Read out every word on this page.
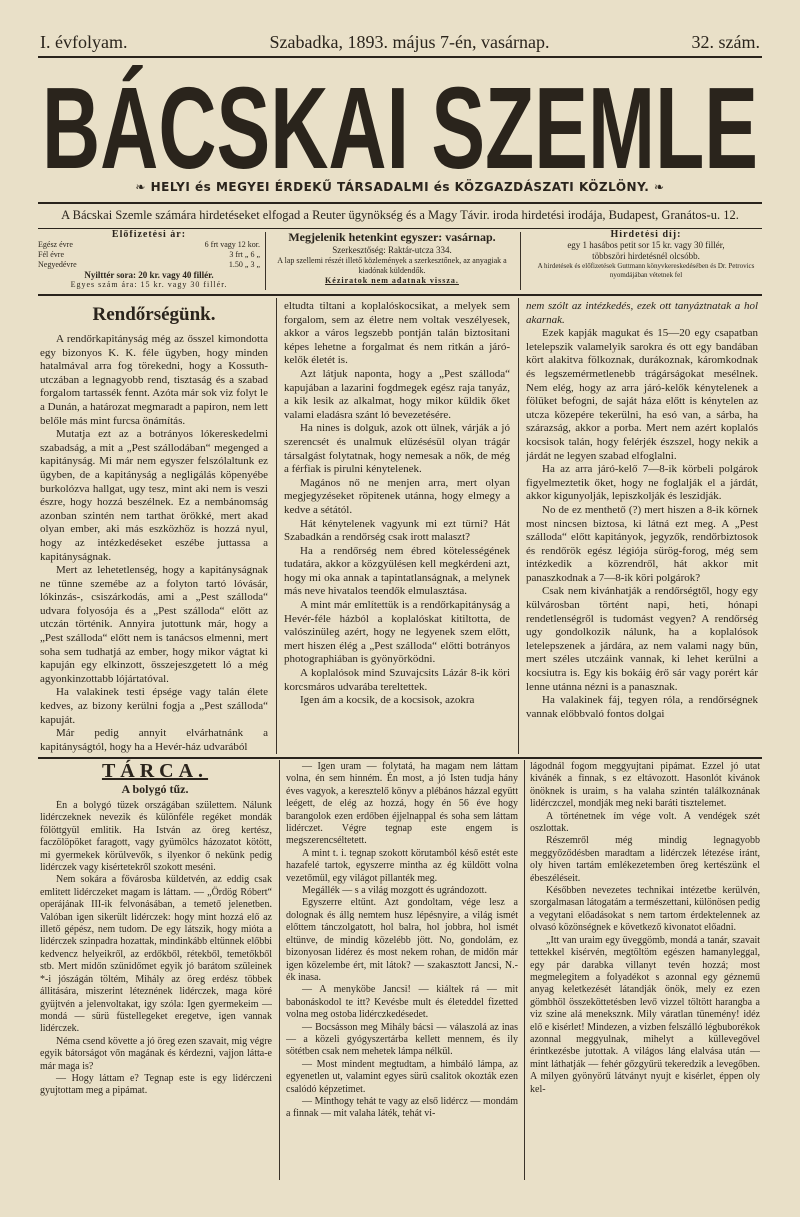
I. évfolyam.	Szabadka, 1893. május 7-én, vasárnap.	32. szám.
BÁCSKAI SZEMLE
❧ HELYI és MEGYEI ÉRDEKŰ TÁRSADALMI és KÖZGAZDÁSZATI KÖZLÖNY. ❧
A Bácskai Szemle számára hirdetéseket elfogad a Reuter ügynökség és a Magy Távir. iroda hirdetési irodája, Budapest, Granátos-u. 12.
Előfizetési ár:
Egész évre	6 frt vagy 12 kor.
Fél évre	3 frt „ 6 „
Negyedévre	1.50 „ 3 „
Nyilttér sora: 20 kr. vagy 40 fillér.
Egyes szám ára: 15 kr. vagy 30 fillér.
Megjelenik hetenkint egyszer: vasárnap.
Szerkesztőség: Raktár-utcza 334.
A lap szellemi részét illető közlemények a szerkesztőnek, az anyagiak a kiadónak küldendők.
Kéziratok nem adatnak vissza.
Hirdetési díj:
egy 1 hasábos petit sor 15 kr. vagy 30 fillér,
többszöri hirdetésnél olcsóbb.
A hirdetések és előfizetések Guttmann könyvkereskedésében és Dr. Petrovics nyomdájában vétetnek fel
Rendőrségünk.

A rendőrkapitányság még az ősszel kimondotta egy bizonyos K. K. féle ügyben, hogy minden hatalmával arra fog törekedni, hogy a Kossuth-utczában a legnagyobb rend, tisztaság és a szabad forgalom tartassék fennt. Azóta már sok viz folyt le a Dunán, a határozat megmaradt a papiron, nem lett belőle más mint furcsa önámítás.

Mutatja ezt az a botrányos lókereskedelmi szabadság, a mit a „Pest szállodában“ megenged a kapitányság. Mi már nem egyszer felszólaltunk ez ügyben, de a kapitányság a negligálás köpenyébe burkolózva hallgat, ugy tesz, mint aki nem is veszi észre, hogy hozzá beszélnek. Ez a nembánomság azonban szintén nem tarthat örökké, mert akad olyan ember, aki más eszközhöz is hozzá nyul, hogy az intézkedéseket eszébe juttassa a kapitányságnak.

Mert az lehetetlenség, hogy a kapitányságnak ne tűnne szemébe az a folyton tartó lóvásár, lókinzás-, csiszárkodás, ami a „Pest szálloda“ udvara folyosója és a „Pest szálloda“ előtt az utczán történik. Annyira jutottunk már, hogy a „Pest szálloda“ előtt nem is tanácsos elmenni, mert soha sem tudhatjá az ember, hogy mikor vágtat ki kapuján egy elkinzott, összejeszgetett ló a még agyonkinzottabb lójártatóval.

Ha valakinek testi épsége vagy talán élete kedves, az bizony kerülni fogja a „Pest szálloda“ kapuját.

Már pedig annyit elvárhatnánk a kapitányságtól, hogy ha a Hevér-ház udvarából

eltudta tiltani a koplalóskocsikat, a melyek sem forgalom, sem az életre nem voltak veszélyesek, akkor a város legszebb pontján talán biztositani képes lehetne a forgalmat és nem ritkán a járó-kelők életét is.

Azt látjuk naponta, hogy a „Pest szálloda“ kapujában a lazarini fogdmegek egész raja tanyáz, a kik lesik az alkalmat, hogy mikor küldik őket valami eladásra szánt ló bevezetésére.

Ha nines is dolguk, azok ott ülnek, várják a jó szerencsét és unalmuk elüzésésül olyan trágár társalgást folytatnak, hogy nemesak a nők, de még a férfiak is pirulni kénytelenek.

Magános nő ne menjen arra, mert olyan megjegyzéseket röpitenek utánna, hogy elmegy a kedve a sétától.

Hát kénytelenek vagyunk mi ezt türni? Hát Szabadkán a rendőrség csak irott malaszt?

Ha a rendőrség nem ébred kötelességének tudatára, akkor a közgyülésen kell megkérdeni azt, hogy mi oka annak a tapintatlanságnak, a melynek más neve hivatalos teendők elmulasztása.

A mint már említettük is a rendőrkapitányság a Hevér-féle házból a koplalóskat kitiltotta, de valószinüleg azért, hogy ne legyenek szem előtt, mert hiszen élég a „Pest szálloda“ előtti botrányos photographiában is gyönyörködni.

A koplalósok mind Szuvajcsits Lázár 8-ik köri korcsmáros udvarába tereltettek.

Igen ám a kocsik, de a kocsisok, azokra

nem szólt az intézkedés, ezek ott tanyáztnatak a hol akarnak.

Ezek kapják magukat és 15—20 egy csapatban letelepszik valamelyik sarokra és ott egy bandában kört alakitva fölkoznak, durákoznak, káromkodnak és legszemérmetlenebb trágárságokat mesélnek. Nem elég, hogy az arra járó-kelők kénytelenek a fölüket befogni, de saját háza előtt is kénytelen az utcza közepére tekerülni, ha esó van, a sárba, ha szárazság, akkor a porba. Mert nem azért koplalós kocsisok talán, hogy felérjék észszel, hogy nekik a járdát ne legyen szabad elfoglalni.

Ha az arra járó-kelő 7—8-ik körbeli polgárok figyelmeztetik őket, hogy ne foglalják el a járdát, akkor kigunyolják, lepiszkolják és leszidják.

No de ez menthető (?) mert hiszen a 8-ik körnek most nincsen biztosa, ki látná ezt meg. A „Pest szálloda“ előtt kapitányok, jegyzők, rendőrbiztosok és rendőrök egész légiója sürög-forog, még sem intézkedik a közrendről, hát akkor mit panaszkodnak a 7—8-ik köri polgárok?

Csak nem kivánhatják a rendőrségtől, hogy egy külvárosban történt napi, heti, hónapi rendetlenségről is tudomást vegyen? A rendőrség ugy gondolkozik nálunk, ha a koplalósok letelepszenek a járdára, az nem valami nagy bűn, mert széles utczáink vannak, ki lehet kerülni a kocsiutra is. Egy kis bokáig érő sár vagy porért kár lenne utánna nézni is a panasznak.

Ha valakinek fáj, tegyen róla, a rendőrségnek vannak előbbvaló fontos dolgai

TÁRCA.
A bolygó tűz.

Én a bolygó tüzek országában születtem. Nálunk lidérczeknek nevezik és különféle regéket mondák fölöttgyül emlitik. Ha István az öreg kertész, faczölöpöket faragott, vagy gyümölcs házozatot kötött, mi gyermekek körülvevők, s ilyenkor ő nekünk pedig lidérczek vagy kisértetekről szokott meséni.

Nem sokára a fővárosba küldetvén, az eddig csak emlitett lidérczeket magam is láttam. — „Ördög Róbert“ operájának III-ik felvonásában, a temető jelenetben. Valóban igen sikerült lidérczek: hogy mint hozzá elő az illető gépész, nem tudom. De egy látszik, hogy mióta a lidérczek szinpadra hozattak, mindinkább eltünnek előbbi kedvencz helyeikről, az erdőkből, rétekből, temetőkből stb. Mert midőn szünidőmet egyik jó barátom szüleinek *-i jószágán töltém, Mihály az öreg erdész többek állitására, miszerint léteznének lidérczek, maga köré gyüjtvén a jelenvoltakat, igy szóla: Igen gyermekeim — mondá — sürü füstellegeket eregetve, igen vannak lidérczek.

Néma csend követte a jó öreg ezen szavait, mig végre egyik bátorságot vőn magának és kérdezni, vajjon látta-e már maga is?

— Hogy láttam e? Tegnap este is egy lidérczeni gyujtottam meg a pipámat.

— Igen uram — folytatá, ha magam nem láttam volna, én sem hinném. Én most, a jó Isten tudja hány éves vagyok, a keresztelő könyv a plébános házzal együtt leégett, de elég az hozzá, hogy én 56 éve hogy barangolok ezen erdőben éjjelnappal és soha sem láttam lidérczet. Végre tegnap este engem is megszerencséltetett.

A mint t. i. tegnap szokott körutamból késő estét este hazafelé tartok, egyszerre mintha az ég küldött volna vezetőmül, egy világot pillanték meg.

Megállék — s a világ mozgott és ugrándozott.

Egyszerre eltűnt. Azt gondoltam, vége lesz a dolognak és állg nemtem husz lépésnyire, a világ ismét előttem tánczolgatott, hol balra, hol jobbra, hol ismét eltünve, de mindig közelébb jött. No, gondolám, ez bizonyosan lidérez és most nekem rohan, de midőn már igen közelembe ért, mit látok? — szakasztott Jancsi, N.-ék inasa.

— A menyköbe Jancsi! — kiáltek rá — mit babonáskodol te itt? Kevésbe mult és életeddel fizetted volna meg ostoba lidérczkedésedet.

— Bocsásson meg Mihály bácsi — válaszolá az inas — a közeli gyógyszertárba kellett mennem, és ily sötétben csak nem mehetek lámpa nélkül.

— Most mindent megtudtam, a himbáló lámpa, az egyenetlen ut, valamint egyes sürü csalitok okozták ezen csalódó képzetimet.

— Minthogy tehát te vagy az első lidércz — mondám a finnak — mit valaha láték, tehát vi-

lágodnál fogom meggyujtani pipámat. Ezzel jó utat kivánék a finnak, s ez eltávozott. Hasonlót kivánok önöknek is uraim, s ha valaha szintén találkoznának lidérczczel, mondják meg neki baráti tisztelemet.

A történetnek ím vége volt. A vendégek szét oszlottak.

Részemről még mindig legnagyobb meggyőződésben maradtam a lidérczek létezése iránt, oly hiven tartám emlékezetemben öreg kertészünk el ébeszéléseit.

Későbben nevezetes technikai intézetbe kerülvén, szorgalmasan látogatám a természettani, különösen pedig a vegytani előadásokat s nem tartom érdektelennek az olvasó közönségnek e következő kivonatot előadni.

„Itt van uraim egy üveggömb, mondá a tanár, szavait tettekkel kisérvén, megtöltöm egészen hamanyleggal, egy pár darabka villanyt tevén hozzá; most megmelegitem a folyadékot s azonnal egy géznemű anyag keletkezését látandják önök, mely ez ezen gömbhöl összeköttetésben levő vizzel töltött harangba a viz szine alá meneksznk. Mily váratlan tünemény! idéz elő e kisérlet! Mindezen, a vizben felszálló légbuborékok azonnal meggyulnak, mihelyt a küllevegővel érintkezésbe jutottak. A világos láng elalvása után — mint láthatják — fehér gőzgyűrü tekeredzik a levegőben. A milyen gyönyörű látványt nyujt e kisérlet, éppen oly kel-
